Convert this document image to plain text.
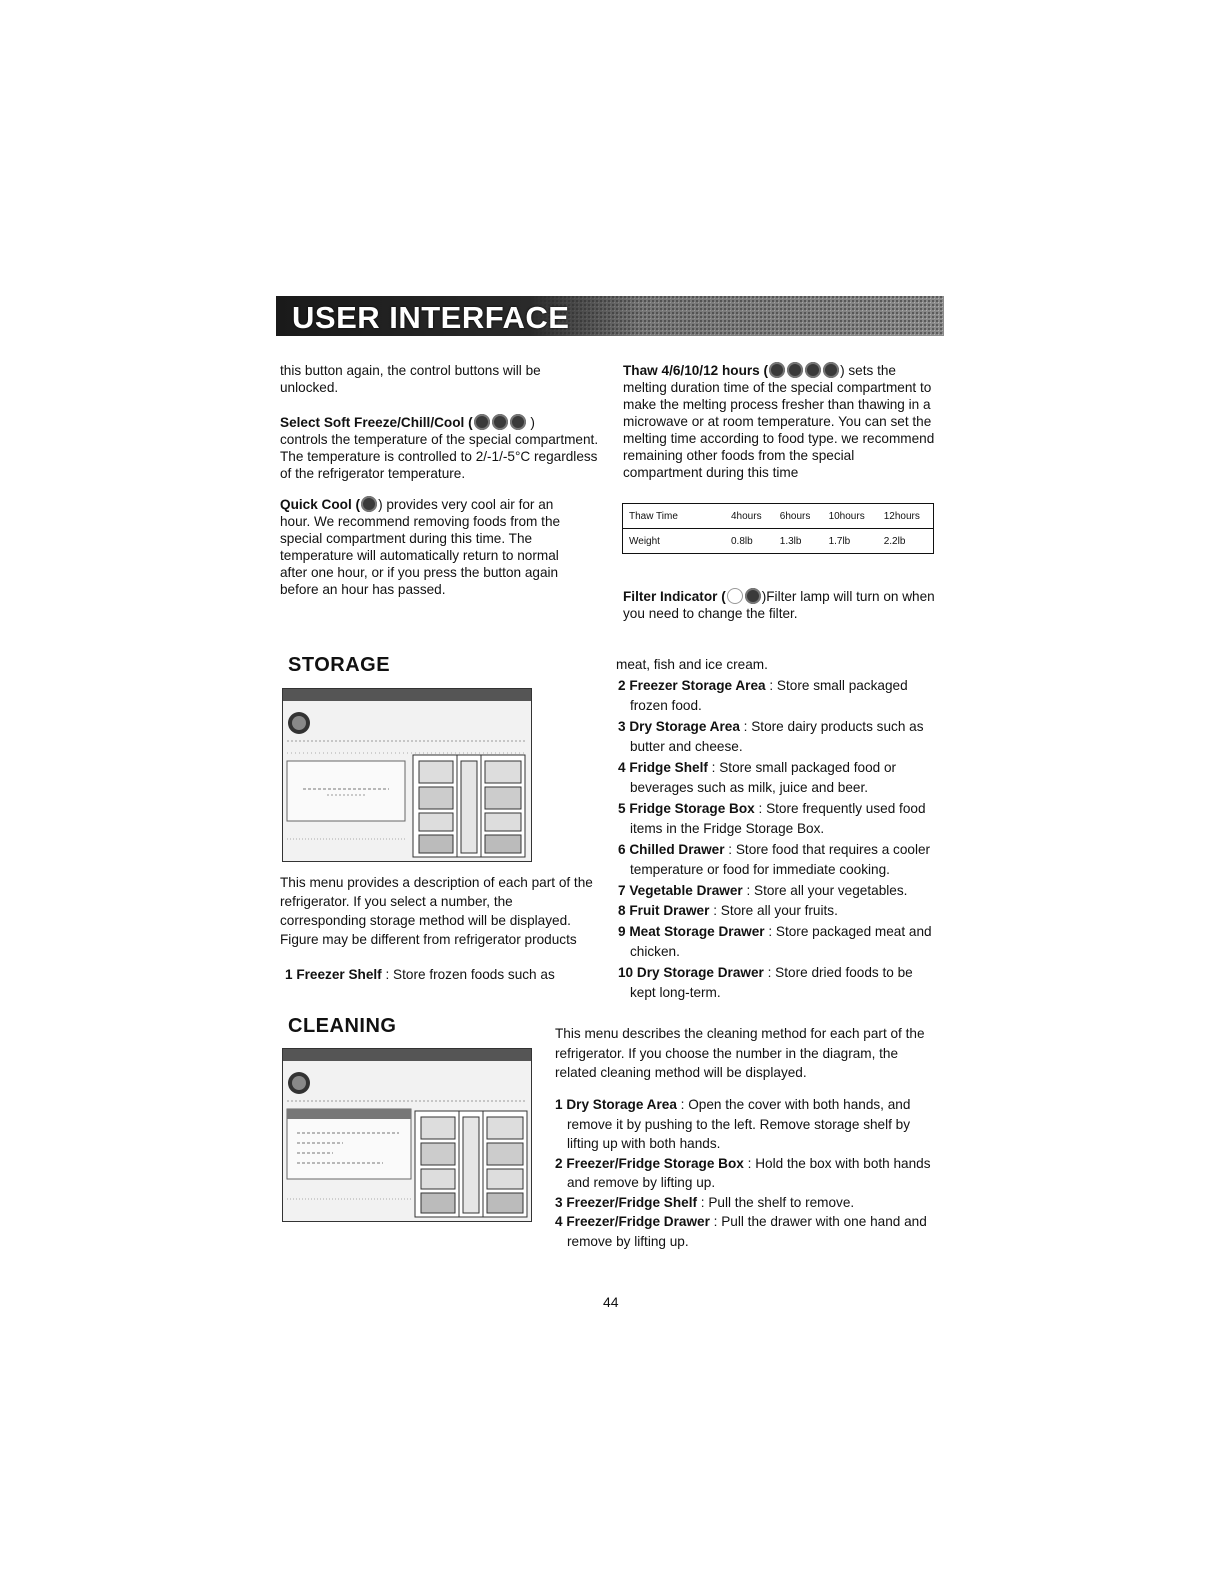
USER INTERFACE
this button again, the control buttons will be unlocked.
Select Soft Freeze/Chill/Cool (	)
controls the temperature of the special compartment. The temperature is controlled to 2/-1/-5°C regardless of the refrigerator temperature.
Quick Cool ( ) provides very cool air for an hour. We recommend removing foods from the special compartment during this time. The temperature will automatically return to normal after one hour, or if you press the button again before an hour has passed.
Thaw 4/6/10/12 hours (	) sets the melting duration time of the special compartment to make the melting process fresher than thawing in a microwave or at room temperature. You can set the melting time according to food type. we recommend remaining other foods from the special compartment during this time
Thaw Time	4hours	6hours	10hours	12hours
Weight	0.8lb	1.3lb	1.7lb	2.2lb
Filter Indicator (	)Filter lamp will turn on when you need to change the filter.
STORAGE
This menu provides a description of each part of the refrigerator. If you select a number, the corresponding storage method will be displayed. Figure may be different from refrigerator products
1 Freezer Shelf : Store frozen foods such as

meat, fish and ice cream.

2 Freezer Storage Area : Store small packaged frozen food.

3 Dry Storage Area : Store dairy products such as butter and cheese.

4 Fridge Shelf : Store small packaged food or beverages such as milk, juice and beer.

5 Fridge Storage Box : Store frequently used food items in the Fridge Storage Box.

6 Chilled Drawer : Store food that requires a cooler temperature or food for immediate cooking.

7 Vegetable Drawer : Store all your vegetables.

8 Fruit Drawer : Store all your fruits.

9 Meat Storage Drawer : Store packaged meat and chicken.

10 Dry Storage Drawer : Store dried foods to be kept long-term.

CLEANING	This menu describes the cleaning method for each part of the refrigerator. If you choose the number in the diagram, the related cleaning method will be displayed.

1 Dry Storage Area : Open the cover with both hands, and remove it by pushing to the left. Remove storage shelf by lifting up with both hands.

2 Freezer/Fridge Storage Box : Hold the box with both hands and remove by lifting up.

3 Freezer/Fridge Shelf : Pull the shelf to remove.

4 Freezer/Fridge Drawer : Pull the drawer with one hand and remove by lifting up.

44
